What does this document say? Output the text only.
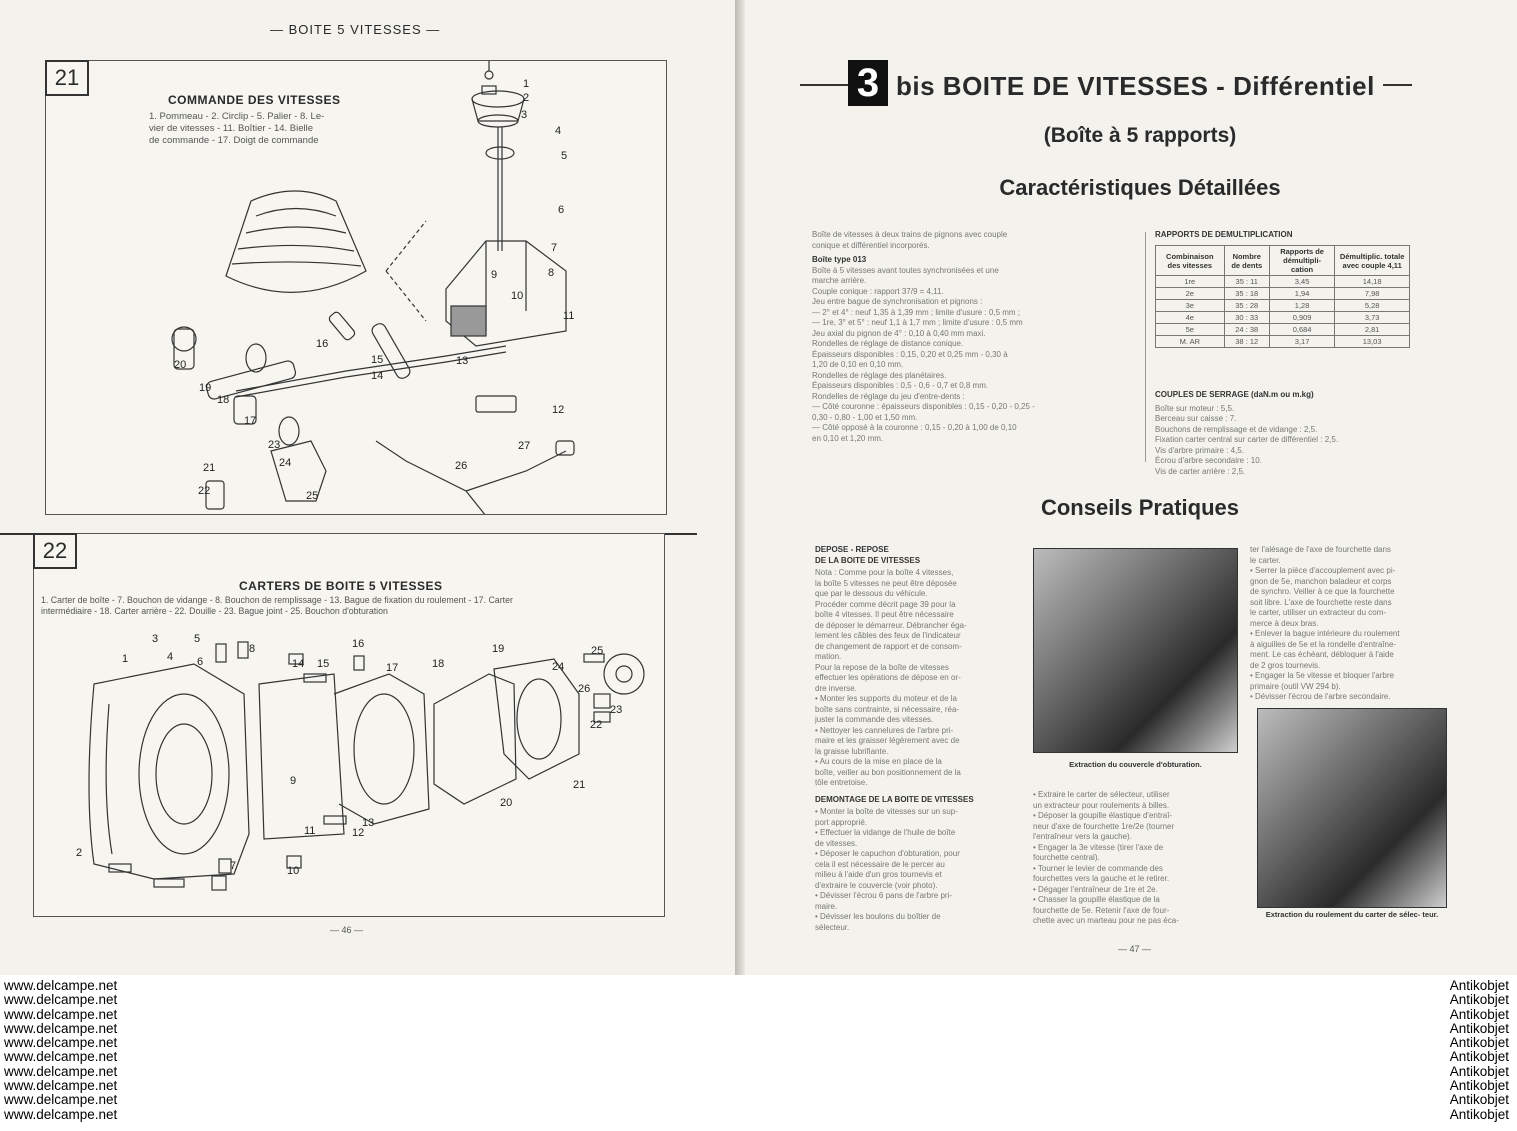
— BOITE 5 VITESSES —
21
COMMANDE DES VITESSES
1. Pommeau - 2. Circlip - 5. Palier - 8. Le-
vier de vitesses - 11. Boîtier - 14. Bielle
de commande - 17. Doigt de commande
1
2
3
4
5
6
7
8
9
10
11
12
13
14
15
16
17
18
19
20
21
22
23
24
25
26
27
22
CARTERS DE BOITE 5 VITESSES
1. Carter de boîte - 7. Bouchon de vidange - 8. Bouchon de remplissage - 13. Bague de fixation du roulement - 17. Carter
intermédiaire - 18. Carter arrière - 22. Douille - 23. Bague joint - 25. Bouchon d'obturation
1
2
3
4
5
6
7
8
9
10
11	12
13
14 15
16
17	18
19
20
21
22
23
24
25
26
— 46 —
3 bis BOITE DE VITESSES - Différentiel
(Boîte à 5 rapports)
Caractéristiques Détaillées
Boîte de vitesses à deux trains de pignons avec couple
conique et différentiel incorporés.
Boîte type 013
Boîte à 5 vitesses avant toutes synchronisées et une
marche arrière.
Couple conique : rapport 37/9 = 4,11.
Jeu entre bague de synchronisation et pignons :
— 2° et 4° : neuf 1,35 à 1,39 mm ; limite d'usure : 0,5 mm ;
— 1re, 3° et 5° : neuf 1,1 à 1,7 mm ; limite d'usure : 0,5 mm
Jeu axial du pignon de 4° : 0,10 à 0,40 mm maxi.
Rondelles de réglage de distance conique.
Épaisseurs disponibles : 0,15, 0,20 et 0,25 mm - 0,30 à
1,20 de 0,10 en 0,10 mm.
Rondelles de réglage des planétaires.
Épaisseurs disponibles : 0,5 - 0,6 - 0,7 et 0,8 mm.
Rondelles de réglage du jeu d'entre-dents :
— Côté couronne : épaisseurs disponibles : 0,15 - 0,20 - 0,25 -
0,30 - 0,80 - 1,00 et 1,50 mm.
— Côté opposé à la couronne : 0,15 - 0,20 à 1,00 de 0,10
en 0,10 et 1,20 mm.
RAPPORTS DE DEMULTIPLICATION
Combinaison des vitesses	Nombre de dents	Rapports de démultipli-cation	Démultiplic. totale avec couple 4,11
1re	35 : 11	3,45	14,18
2e	35 : 18	1,94	7,98
3e	35 : 28	1,28	5,28
4e	30 : 33	0,909	3,73
5e	24 : 38	0,684	2,81
M. AR	38 : 12	3,17	13,03
COUPLES DE SERRAGE (daN.m ou m.kg)
Boîte sur moteur : 5,5.
Berceau sur caisse : 7.
Bouchons de remplissage et de vidange : 2,5.
Fixation carter central sur carter de différentiel : 2,5.
Vis d'arbre primaire : 4,5.
Écrou d'arbre secondaire : 10.
Vis de carter arrière : 2,5.
Conseils Pratiques
DEPOSE - REPOSE
DE LA BOITE DE VITESSES
Nota : Comme pour la boîte 4 vitesses,
la boîte 5 vitesses ne peut être déposée
que par le dessous du véhicule.
Procéder comme décrit page 39 pour la
boîte 4 vitesses. Il peut être nécessaire
de déposer le démarreur. Débrancher éga-
lement les câbles des feux de l'indicateur
de changement de rapport et de consom-
mation.
Pour la repose de la boîte de vitesses
effectuer les opérations de dépose en or-
dre inverse.
• Monter les supports du moteur et de la
boîte sans contrainte, si nécessaire, réa-
juster la commande des vitesses.
• Nettoyer les cannelures de l'arbre pri-
maire et les graisser légèrement avec de
la graisse lubrifiante.
• Au cours de la mise en place de la
boîte, veiller au bon positionnement de la
tôle entretoise.
DEMONTAGE DE LA BOITE DE VITESSES
• Monter la boîte de vitesses sur un sup-
port approprié.
• Effectuer la vidange de l'huile de boîte
de vitesses.
• Déposer le capuchon d'obturation, pour
cela il est nécessaire de le percer au
milieu à l'aide d'un gros tournevis et
d'extraire le couvercle (voir photo).
• Dévisser l'écrou 6 pans de l'arbre pri-
maire.
• Dévisser les boulons du boîtier de
sélecteur.
Extraction du couvercle d'obturation.
• Extraire le carter de sélecteur, utiliser
un extracteur pour roulements à billes.
• Déposer la goupille élastique d'entraî-
neur d'axe de fourchette 1re/2e (tourner
l'entraîneur vers la gauche).
• Engager la 3e vitesse (tirer l'axe de
fourchette central).
• Tourner le levier de commande des
fourchettes vers la gauche et le retirer.
• Dégager l'entraîneur de 1re et 2e.
• Chasser la goupille élastique de la
fourchette de 5e. Retenir l'axe de four-
chette avec un marteau pour ne pas éca-
ter l'alésage de l'axe de fourchette dans
le carter.
• Serrer la pièce d'accouplement avec pi-
gnon de 5e, manchon baladeur et corps
de synchro. Veiller à ce que la fourchette
soit libre. L'axe de fourchette reste dans
le carter, utiliser un extracteur du com-
merce à deux bras.
• Enlever la bague intérieure du roulement
à aiguilles de 5e et la rondelle d'entraîne-
ment. Le cas échéant, débloquer à l'aide
de 2 gros tournevis.
• Engager la 5e vitesse et bloquer l'arbre
primaire (outil VW 294 b).
• Dévisser l'écrou de l'arbre secondaire.
Extraction du roulement du carter de sélec- teur.
— 47 —
www.delcampe.net
www.delcampe.net
www.delcampe.net
www.delcampe.net
www.delcampe.net
www.delcampe.net
www.delcampe.net
www.delcampe.net
www.delcampe.net
www.delcampe.net
Antikobjet
Antikobjet
Antikobjet
Antikobjet
Antikobjet
Antikobjet
Antikobjet
Antikobjet
Antikobjet
Antikobjet
